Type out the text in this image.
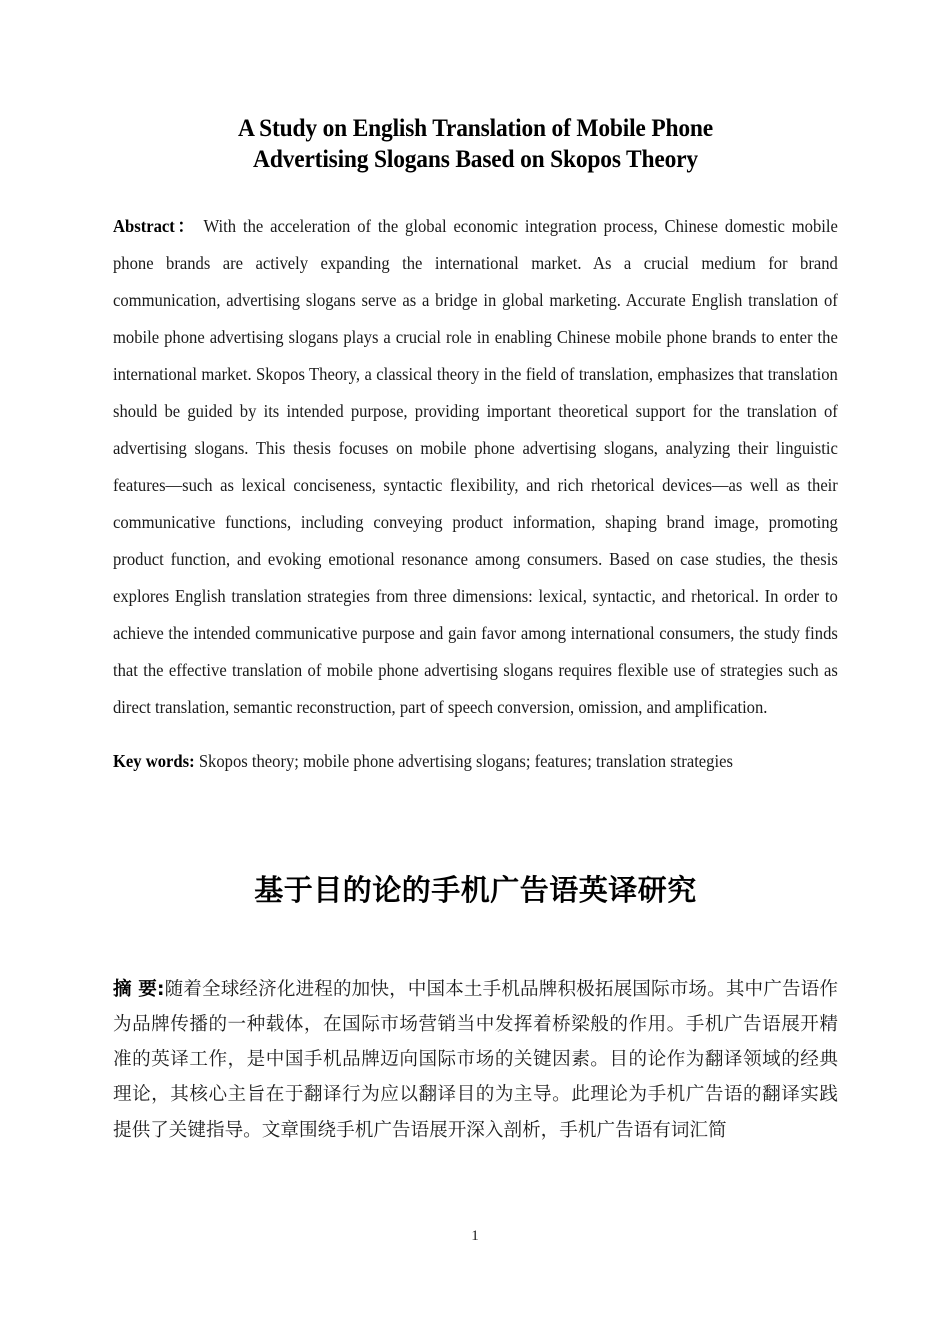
A Study on English Translation of Mobile Phone
Advertising Slogans Based on Skopos Theory

Abstract： With the acceleration of the global economic integration process, Chinese domestic mobile phone brands are actively expanding the international market. As a crucial medium for brand communication, advertising slogans serve as a bridge in global marketing. Accurate English translation of mobile phone advertising slogans plays a crucial role in enabling Chinese mobile phone brands to enter the international market. Skopos Theory, a classical theory in the field of translation, emphasizes that translation should be guided by its intended purpose, providing important theoretical support for the translation of advertising slogans. This thesis focuses on mobile phone advertising slogans, analyzing their linguistic features—such as lexical conciseness, syntactic flexibility, and rich rhetorical devices—as well as their communicative functions, including conveying product information, shaping brand image, promoting product function, and evoking emotional resonance among consumers. Based on case studies, the thesis explores English translation strategies from three dimensions: lexical, syntactic, and rhetorical. In order to achieve the intended communicative purpose and gain favor among international consumers, the study finds that the effective translation of mobile phone advertising slogans requires flexible use of strategies such as direct translation, semantic reconstruction, part of speech conversion, omission, and amplification.

Key words: Skopos theory; mobile phone advertising slogans; features; translation strategies

基于目的论的手机广告语英译研究

摘 要:随着全球经济化进程的加快，中国本土手机品牌积极拓展国际市场。其中广告语作为品牌传播的一种载体，在国际市场营销当中发挥着桥梁般的作用。手机广告语展开精准的英译工作，是中国手机品牌迈向国际市场的关键因素。目的论作为翻译领域的经典理论，其核心主旨在于翻译行为应以翻译目的为主导。此理论为手机广告语的翻译实践提供了关键指导。文章围绕手机广告语展开深入剖析，手机广告语有词汇简

1
